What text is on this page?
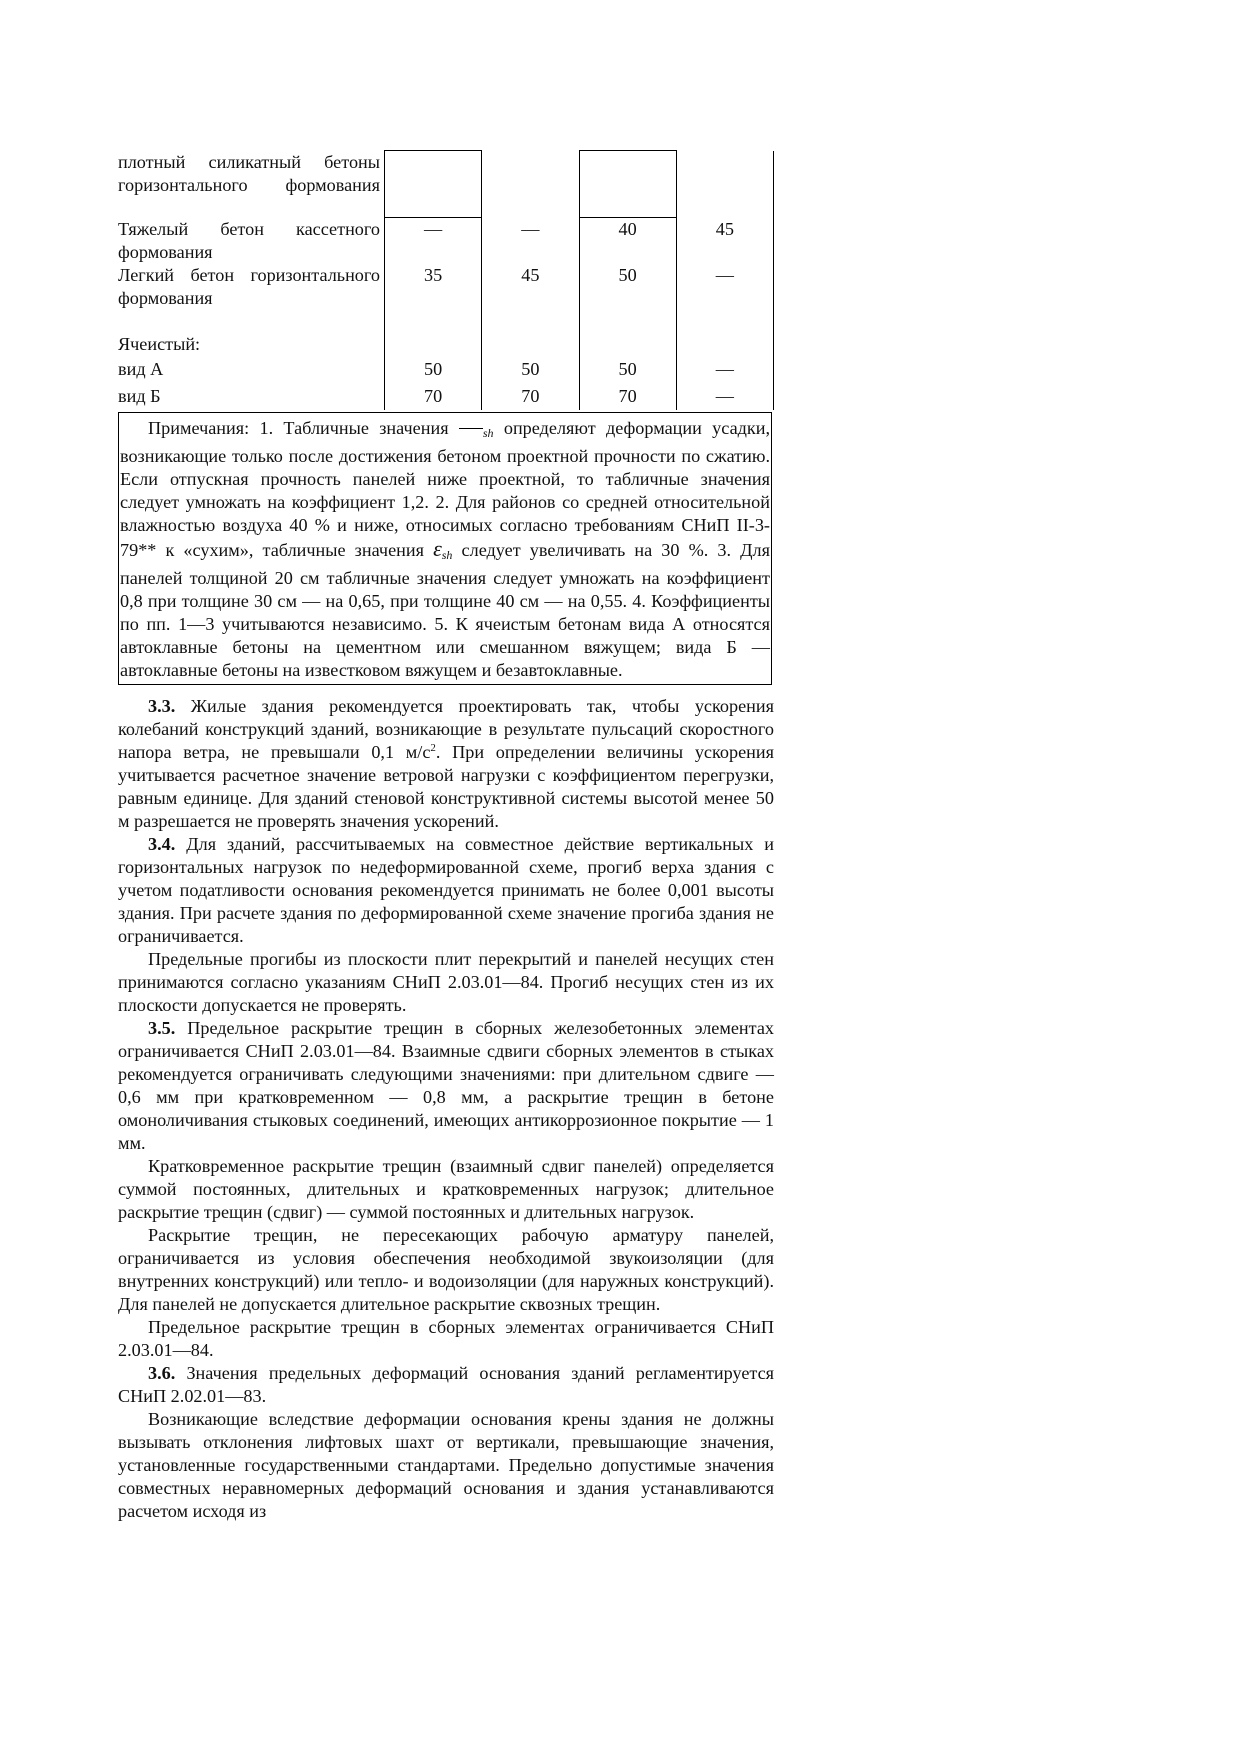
плотный силикатный бетоны горизонтального формования				

Тяжелый бетон кассетного формования	—	—	40	45
Легкий бетон горизонтального формования	35	45	50	—
Ячеистый:				
вид А	50	50	50	—
вид Б	70	70	70	—

Примечания: 1. Табличные значения	sh определяют деформации усадки, возникающие только после достижения бетоном проектной прочности по сжатию. Если отпускная прочность панелей ниже проектной, то табличные значения следует умножать на коэффициент 1,2. 2. Для районов со средней относительной влажностью воздуха 40 % и ниже, относимых согласно требованиям СНиП II-3-79** к «сухим», табличные значения εsh следует увеличивать на 30 %. 3. Для панелей толщиной 20 см табличные значения следует умножать на коэффициент 0,8 при толщине 30 см — на 0,65, при толщине 40 см — на 0,55. 4. Коэффициенты по пп. 1—3 учитываются независимо. 5. К ячеистым бетонам вида А относятся автоклавные бетоны на цементном или смешанном вяжущем; вида Б — автоклавные бетоны на известковом вяжущем и безавтоклавные.

3.3. Жилые здания рекомендуется проектировать так, чтобы ускорения колебаний конструкций зданий, возникающие в результате пульсаций скоростного напора ветра, не превышали 0,1 $м/с^2$. При определении величины ускорения учитывается расчетное значение ветровой нагрузки с коэффициентом перегрузки, равным единице. Для зданий стеновой конструктивной системы высотой менее 50 м разрешается не проверять значения ускорений.

3.4. Для зданий, рассчитываемых на совместное действие вертикальных и горизонтальных нагрузок по недеформированной схеме, прогиб верха здания с учетом податливости основания рекомендуется принимать не более 0,001 высоты здания. При расчете здания по деформированной схеме значение прогиба здания не ограничивается.

Предельные прогибы из плоскости плит перекрытий и панелей несущих стен принимаются согласно указаниям СНиП 2.03.01—84. Прогиб несущих стен из их плоскости допускается не проверять.

3.5. Предельное раскрытие трещин в сборных железобетонных элементах ограничивается СНиП 2.03.01—84. Взаимные сдвиги сборных элементов в стыках рекомендуется ограничивать следующими значениями: при длительном сдвиге — 0,6 мм при кратковременном — 0,8 мм, а раскрытие трещин в бетоне омоноличивания стыковых соединений, имеющих антикоррозионное покрытие — 1 мм.

Кратковременное раскрытие трещин (взаимный сдвиг панелей) определяется суммой постоянных, длительных и кратковременных нагрузок; длительное раскрытие трещин (сдвиг) — суммой постоянных и длительных нагрузок.

Раскрытие трещин, не пересекающих рабочую арматуру панелей, ограничивается из условия обеспечения необходимой звукоизоляции (для внутренних конструкций) или тепло- и водоизоляции (для наружных конструкций). Для панелей не допускается длительное раскрытие сквозных трещин.

Предельное раскрытие трещин в сборных элементах ограничивается СНиП 2.03.01—84.

3.6. Значения предельных деформаций основания зданий регламентируется СНиП 2.02.01—83.

Возникающие вследствие деформации основания крены здания не должны вызывать отклонения лифтовых шахт от вертикали, превышающие значения, установленные государственными стандартами. Предельно допустимые значения совместных неравномерных деформаций основания и здания устанавливаются расчетом исходя из
